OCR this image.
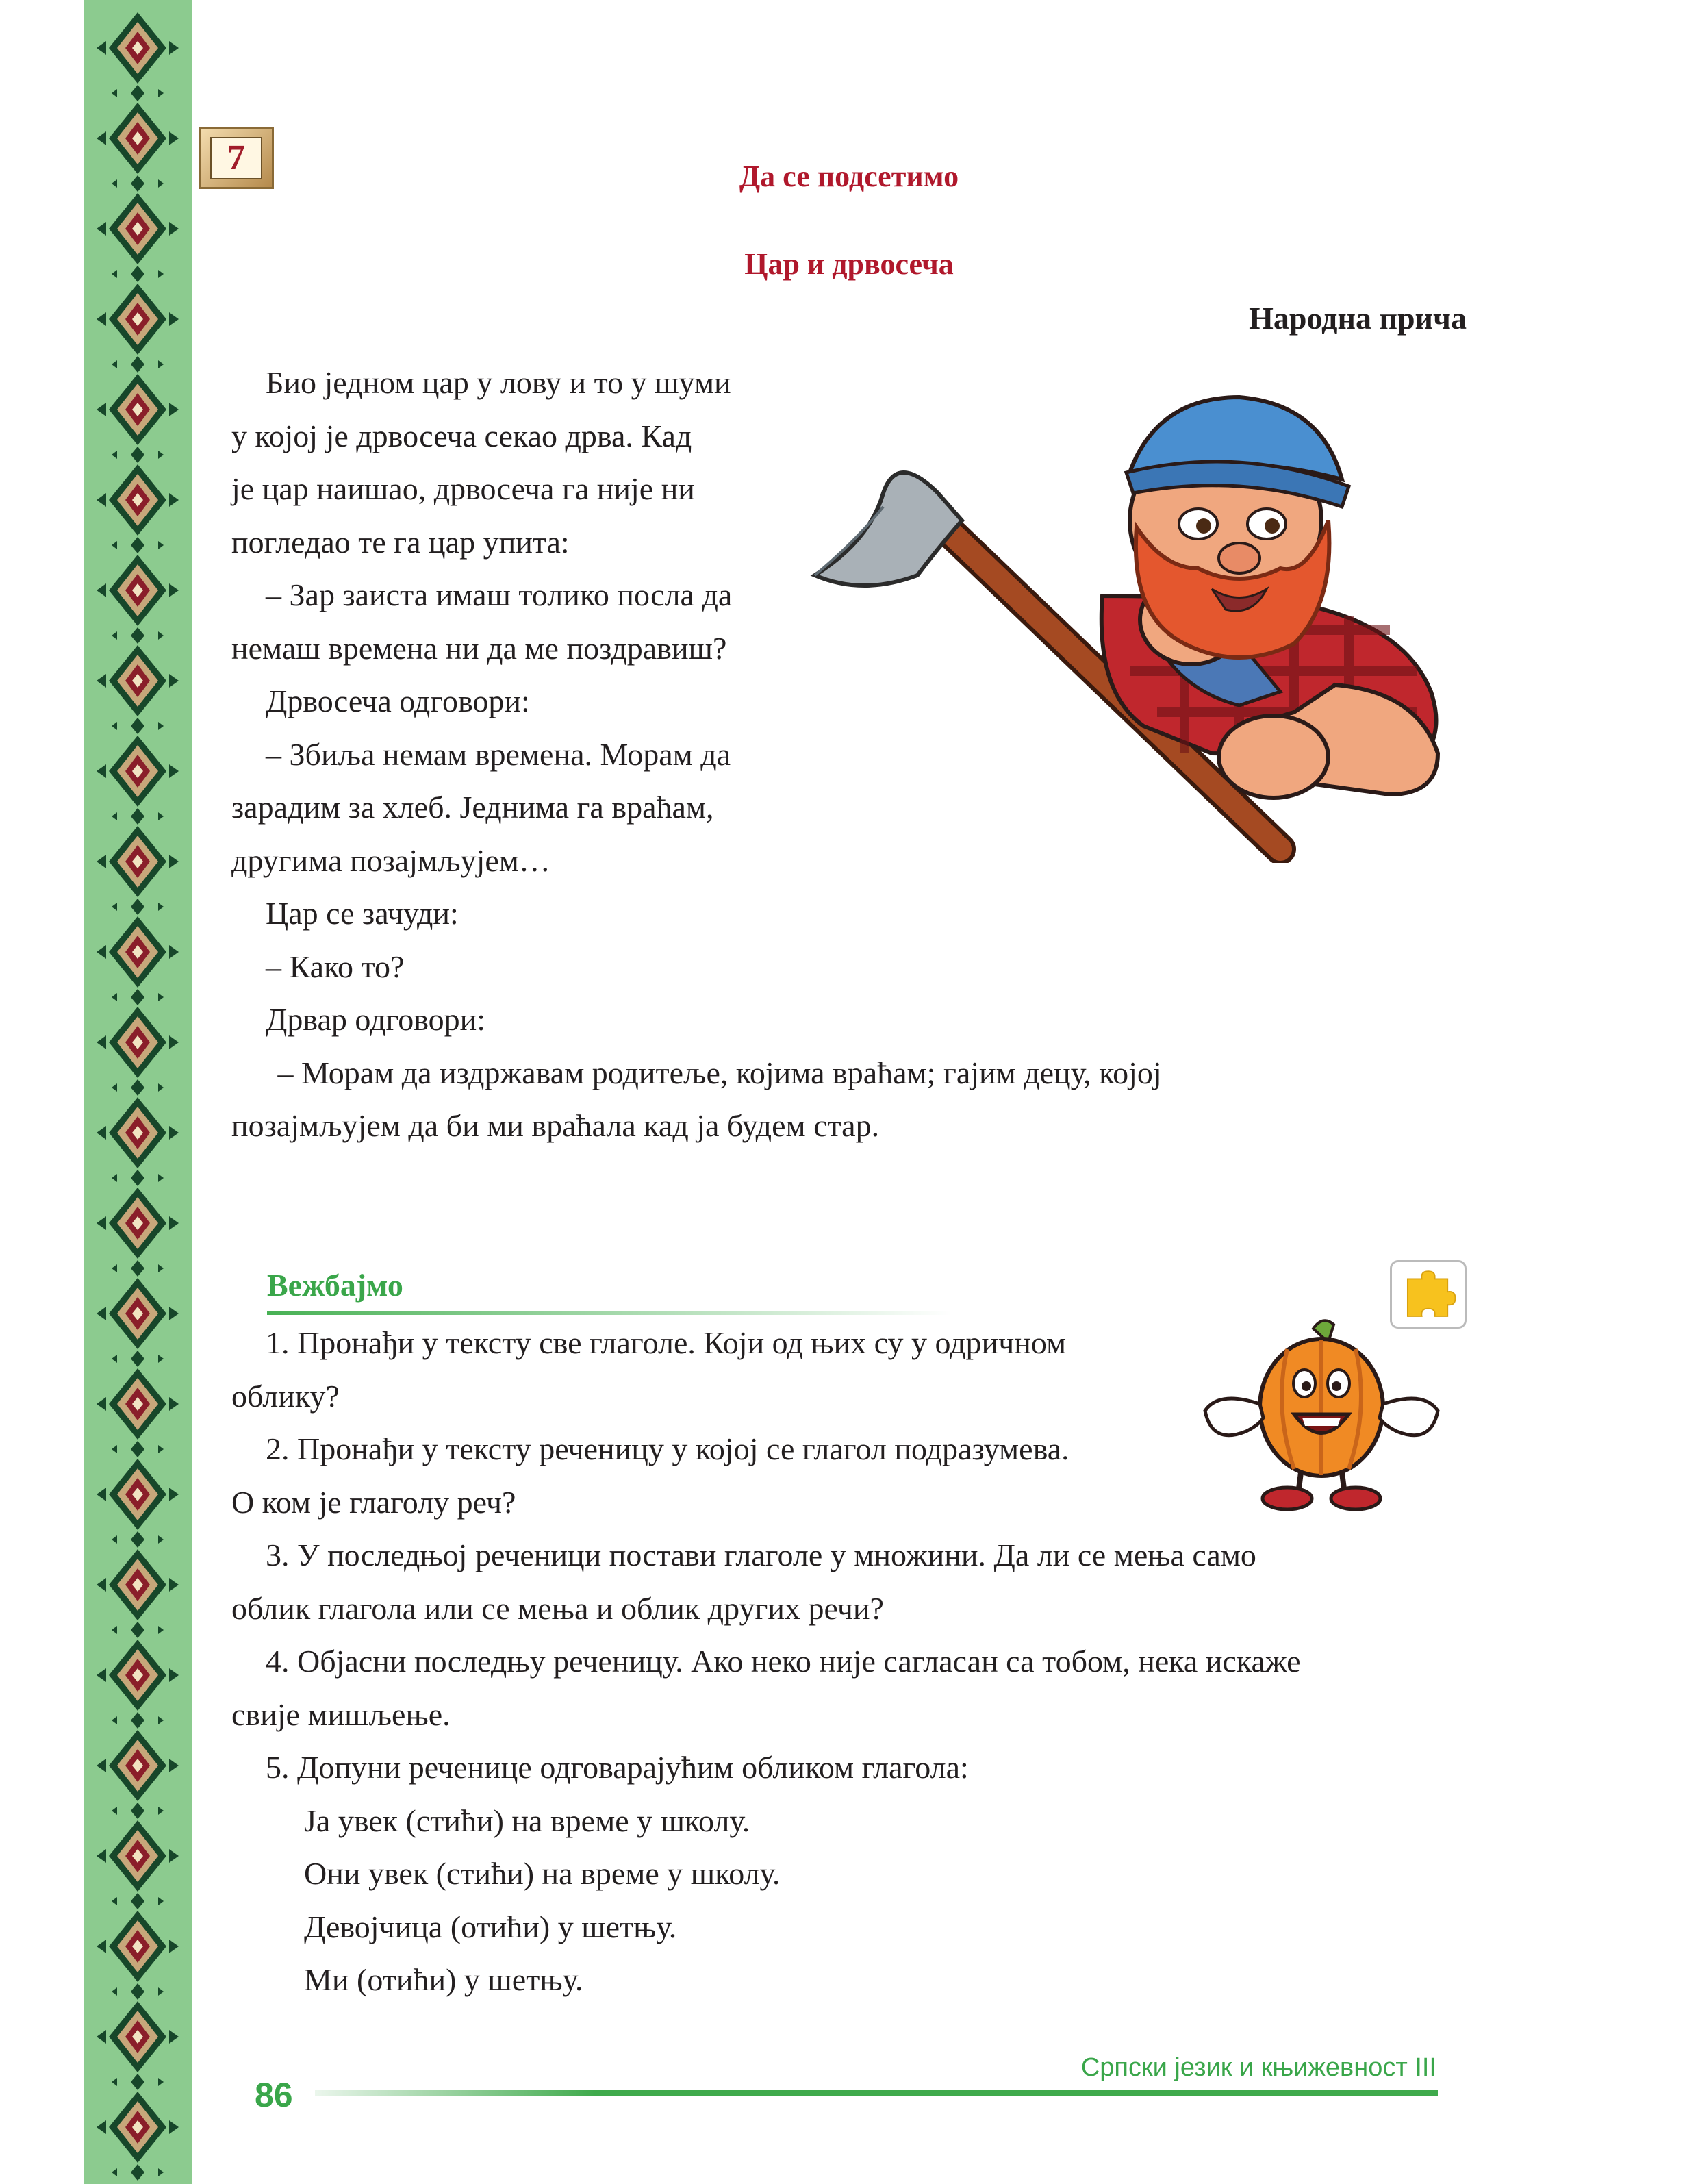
7	Да се подсетимо
Цар и дрвосеча
Народна прича

Био једном цар у лову и то у шуми

у којој је дрвосеча секао дрва. Кад

је цар наишао, дрвосеча га није ни

погледао те га цар упита:

– Зар заиста имаш толико посла да

немаш времена ни да ме поздравиш?

Дрвосеча одговори:

– Збиља немам времена. Морам да

зарадим за хлеб. Једнима га враћам,

другима позајмљујем…

Цар се зачуди:

– Како то?

Дрвар одговори:

– Морам да издржавам родитеље, којима враћам; гајим децу, којој

позајмљујем да би ми враћала кад ја будем стар.

Вежбајмо

1. Пронађи у тексту све глаголе. Који од њих су у одричном

облику?

2. Пронађи у тексту реченицу у којој се глагол подразумева.

О ком је глаголу реч?

3. У последњој реченици постави глаголе у множини. Да ли се мења само

облик глагола или се мења и облик других речи?

4. Објасни последњу реченицу. Ако неко није сагласан са тобом, нека искаже

свије мишљење.

5. Допуни реченице одговарајућим обликом глагола:

Ја увек (стићи) на време у школу.

Они увек (стићи) на време у школу.

Девојчица (отићи) у шетњу.

Ми (отићи) у шетњу.

86
Српски језик и књижевност III
